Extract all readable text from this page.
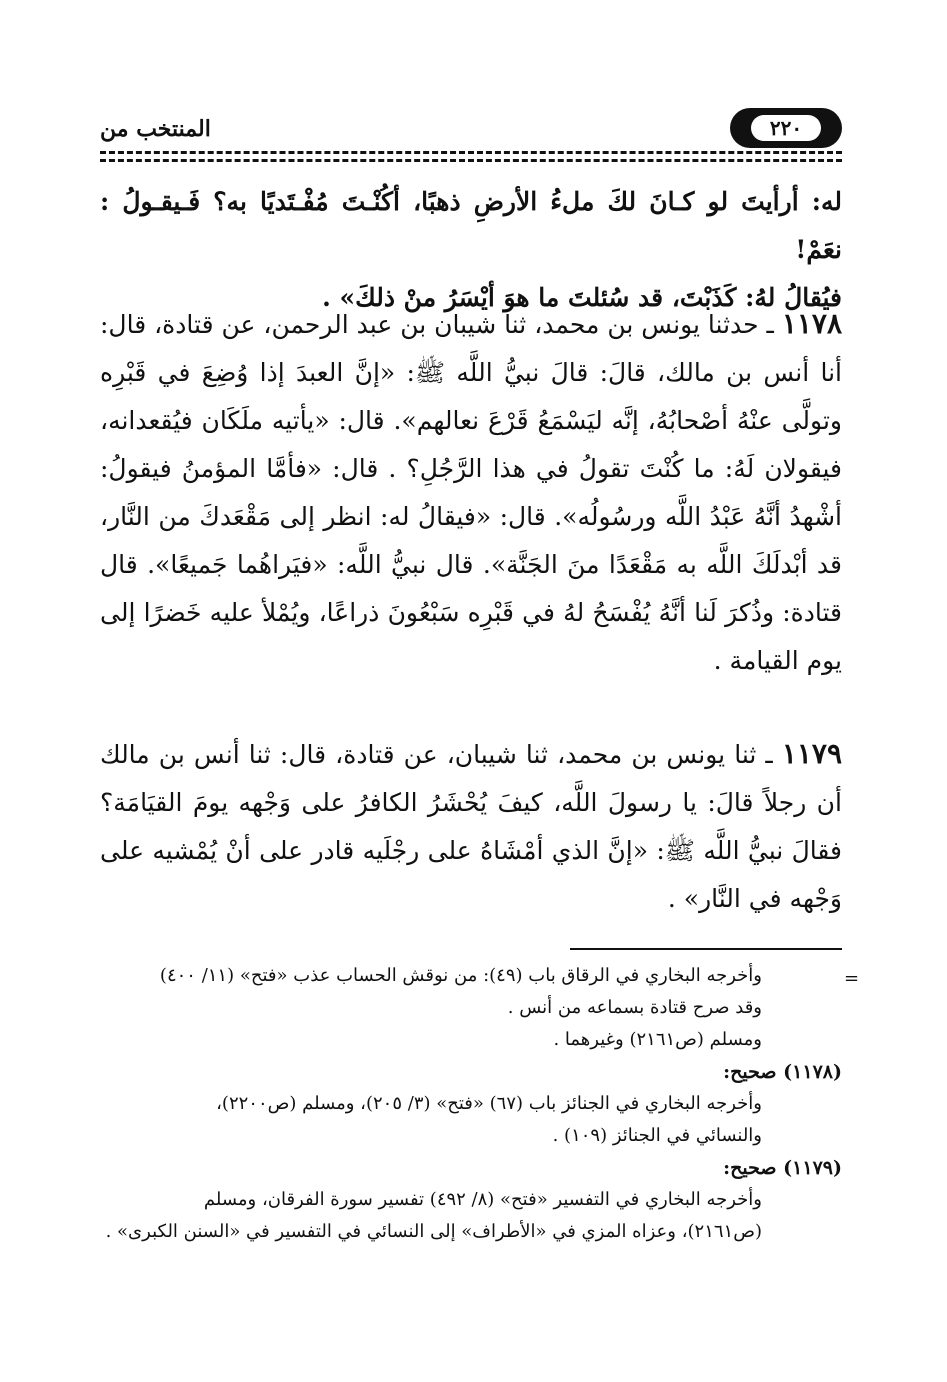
٢٢٠
المنتخب من

له: أرأيتَ لو كـانَ لكَ ملءُ الأرضِ ذهبًا، أكُنْـتَ مُفْـتَديًا به؟ فَـيقـولُ : نعَمْ!

فيُقالُ لهُ: كَذَبْتَ، قد سُئلتَ ما هوَ أيْسَرُ منْ ذلكَ» .

١١٧٨ ـ حدثنا يونس بن محمد، ثنا شيبان بن عبد الرحمن، عن قتادة، قال: أنا أنس بن مالك، قالَ: قالَ نبيُّ اللَّه ﷺ: «إنَّ العبدَ إذا وُضِعَ في قَبْرِه وتولَّى عنْهُ أصْحابُهُ، إنَّه ليَسْمَعُ قَرْعَ نعالهم». قال: «يأتيه ملَكَان فيُقعدانه، فيقولان لَهُ: ما كُنْتَ تقولُ في هذا الرَّجُلِ؟ . قال: «فأمَّا المؤمنُ فيقولُ: أشْهدُ أنَّهُ عَبْدُ اللَّه ورسُولُه». قال: «فيقالُ له: انظر إلى مَقْعَدكَ من النَّار، قد أبْدلَكَ اللَّه به مَقْعَدًا منَ الجَنَّة». قال نبيُّ اللَّه: «فيَراهُما جَميعًا». قال قتادة: وذُكرَ لَنا أنَّهُ يُفْسَحُ لهُ في قَبْرِه سَبْعُونَ ذراعًا، ويُمْلأ عليه خَضرًا إلى يوم القيامة .

١١٧٩ ـ ثنا يونس بن محمد، ثنا شيبان، عن قتادة، قال: ثنا أنس بن مالك أن رجلاً قالَ: يا رسولَ اللَّه، كيفَ يُحْشَرُ الكافرُ على وَجْهه يومَ القيَامَة؟ فقالَ نبيُّ اللَّه ﷺ: «إنَّ الذي أمْشَاهُ على رجْلَيه قادر على أنْ يُمْشيه على وَجْهه في النَّار» .

=

وأخرجه البخاري في الرقاق باب (٤٩): من نوقش الحساب عذب «فتح» (١١/ ٤٠٠)

وقد صرح قتادة بسماعه من أنس .

ومسلم (ص٢١٦١) وغيرهما .

(١١٧٨) صحيح:

وأخرجه البخاري في الجنائز باب (٦٧) «فتح» (٣/ ٢٠٥)، ومسلم (ص٢٢٠٠)،

والنسائي في الجنائز (١٠٩) .

(١١٧٩) صحيح:

وأخرجه البخاري في التفسير «فتح» (٨/ ٤٩٢) تفسير سورة الفرقان، ومسلم

(ص٢١٦١)، وعزاه المزي في «الأطراف» إلى النسائي في التفسير في «السنن الكبرى» .
